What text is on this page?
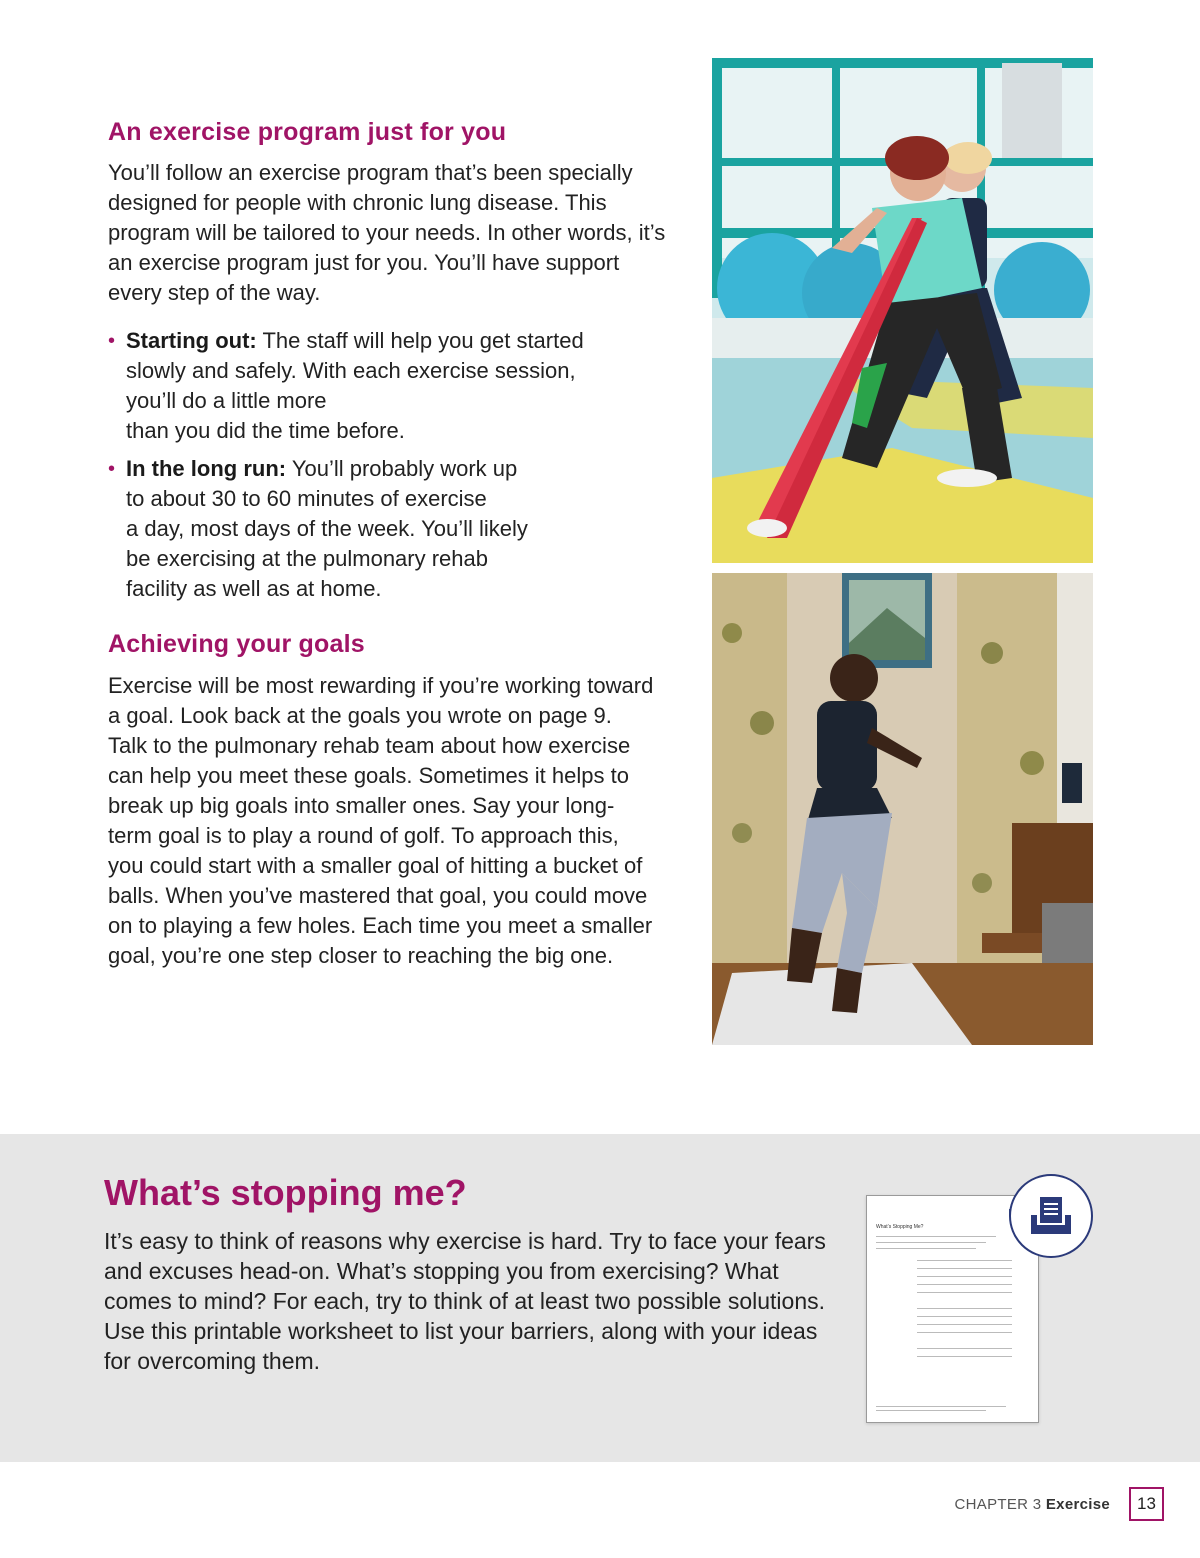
An exercise program just for you

You’ll follow an exercise program that’s been specially designed for people with chronic lung disease. This program will be tailored to your needs. In other words, it’s an exercise program just for you. You’ll have support every step of the way.

• Starting out: The staff will help you get started
slowly and safely. With each exercise session,
you’ll do a little more
than you did the time before.
• In the long run: You’ll probably work up
to about 30 to 60 minutes of exercise
a day, most days of the week. You’ll likely
be exercising at the pulmonary rehab
facility as well as at home.
Achieving your goals

Exercise will be most rewarding if you’re working toward a goal. Look back at the goals you wrote on page 9. Talk to the pulmonary rehab team about how exercise can help you meet these goals. Sometimes it helps to break up big goals into smaller ones. Say your long-term goal is to play a round of golf. To approach this, you could start with a smaller goal of hitting a bucket of balls. When you’ve mastered that goal, you could move on to playing a few holes. Each time you meet a smaller goal, you’re one step closer to reaching the big one.

What’s stopping me?

It’s easy to think of reasons why exercise is hard. Try to face your fears and excuses head-on. What’s stopping you from exercising? What comes to mind? For each, try to think of at least two possible solutions. Use this printable worksheet to list your barriers, along with your ideas for overcoming them.

What’s Stopping Me?
CHAPTER 3 Exercise	13
